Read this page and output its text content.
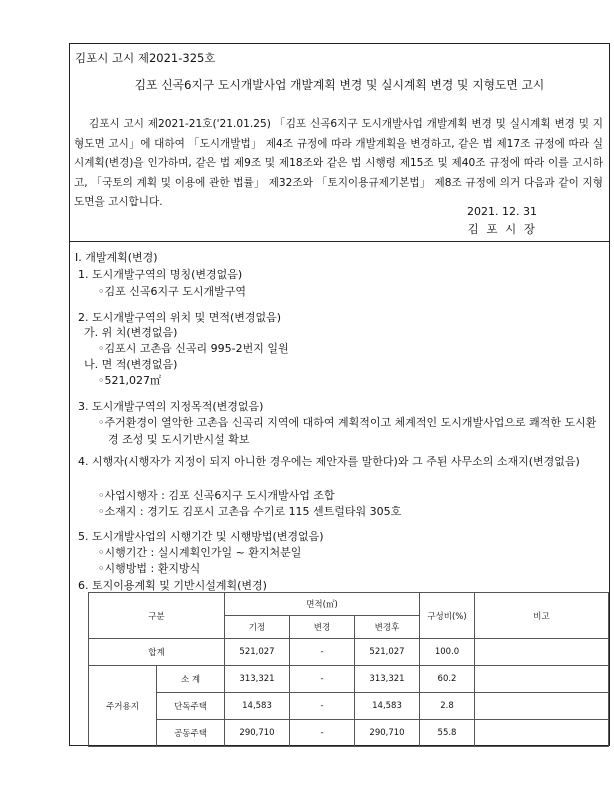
김포시 고시 제2021-325호
김포 신곡6지구 도시개발사업 개발계획 변경 및 실시계획 변경 및 지형도면 고시
김포시 고시 제2021-21호('21.01.25) 「김포 신곡6지구 도시개발사업 개발계획 변경 및 실시계획 변경 및 지형도면 고시」에 대하여 「도시개발법」 제4조 규정에 따라 개발계획을 변경하고, 같은 법 제17조 규정에 따라 실시계획(변경)을 인가하며, 같은 법 제9조 및 제18조와 같은 법 시행령 제15조 및 제40조 규정에 따라 이를 고시하고, 「국토의 계획 및 이용에 관한 법률」 제32조와 「토지이용규제기본법」 제8조 규정에 의거 다음과 같이 지형도면을 고시합니다.
2021. 12. 31
김 포 시 장
Ⅰ. 개발계획(변경)
1. 도시개발구역의 명칭(변경없음)
◦김포 신곡6지구 도시개발구역
2. 도시개발구역의 위치 및 면적(변경없음)
가. 위 치(변경없음)
◦김포시 고촌읍 신곡리 995-2번지 일원
나. 면 적(변경없음)
◦521,027㎡
3. 도시개발구역의 지정목적(변경없음)
◦주거환경이 열악한 고촌읍 신곡리 지역에 대하여 계획적이고 체계적인 도시개발사업으로 쾌적한 도시환경 조성 및 도시기반시설 확보
4. 시행자(시행자가 지정이 되지 아니한 경우에는 제안자를 말한다)와 그 주된 사무소의 소재지(변경없음)
◦사업시행자 : 김포 신곡6지구 도시개발사업 조합
◦소재지 : 경기도 김포시 고촌읍 수기로 115 센트럴타워 305호
5. 도시개발사업의 시행기간 및 시행방법(변경없음)
◦시행기간 : 실시계획인가일 ~ 환지처분일
◦시행방법 : 환지방식
6. 토지이용계획 및 기반시설계획(변경)
구분		면적(㎡)			구성비(%)	비고
		기정	변경	변경후		
합계		521,027	-	521,027	100.0	
주거용지	소 계	313,321	-	313,321	60.2	
	단독주택	14,583	-	14,583	2.8	
	공동주택	290,710	-	290,710	55.8	
